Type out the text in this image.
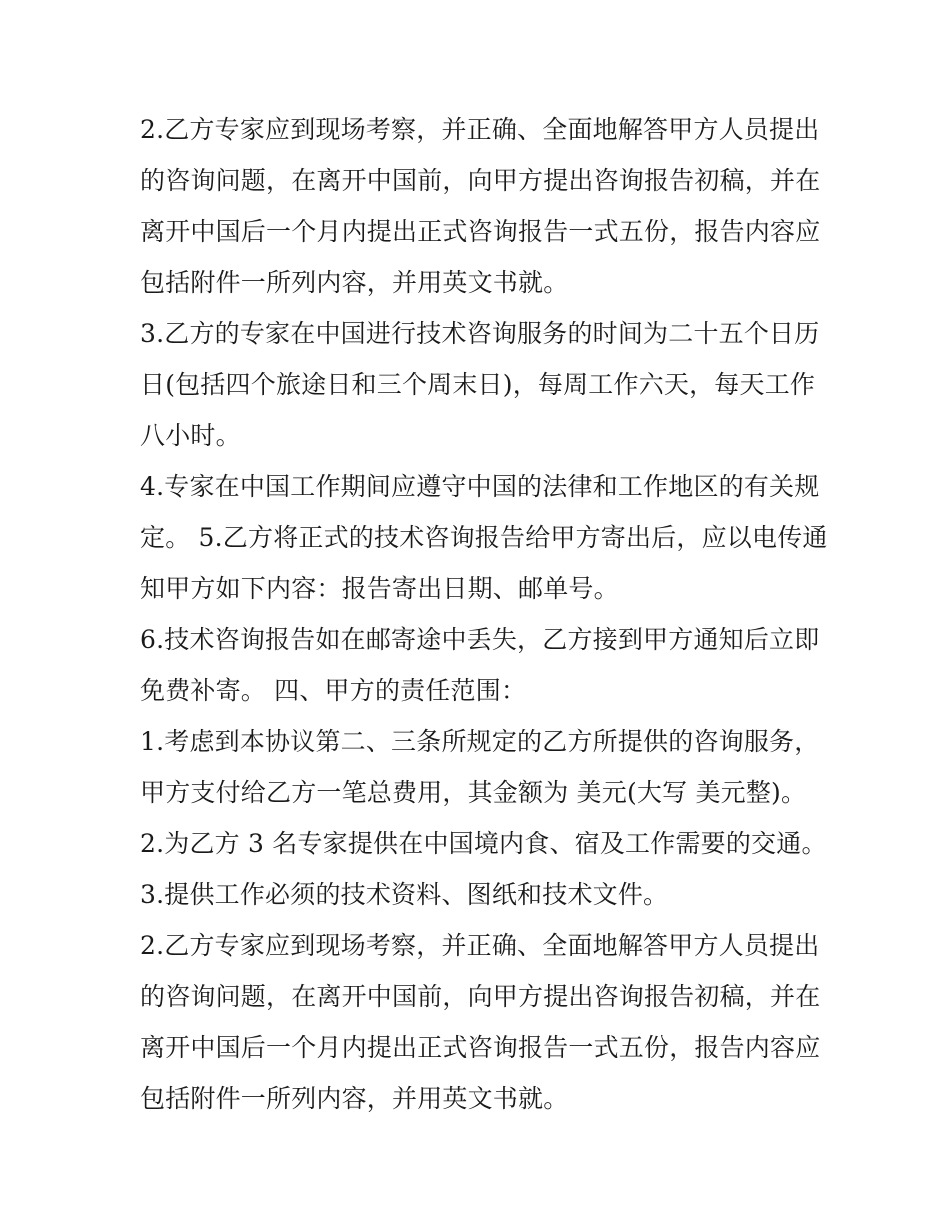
2.乙方专家应到现场考察，并正确、全面地解答甲方人员提出
的咨询问题，在离开中国前，向甲方提出咨询报告初稿，并在
离开中国后一个月内提出正式咨询报告一式五份，报告内容应
包括附件一所列内容，并用英文书就。

3.乙方的专家在中国进行技术咨询服务的时间为二十五个日历
日(包括四个旅途日和三个周末日)，每周工作六天，每天工作
八小时。

4.专家在中国工作期间应遵守中国的法律和工作地区的有关规
定。 5.乙方将正式的技术咨询报告给甲方寄出后，应以电传通
知甲方如下内容：报告寄出日期、邮单号。

6.技术咨询报告如在邮寄途中丢失，乙方接到甲方通知后立即
免费补寄。 四、甲方的责任范围：

1.考虑到本协议第二、三条所规定的乙方所提供的咨询服务，
甲方支付给乙方一笔总费用，其金额为 美元(大写 美元整)。

2.为乙方 3 名专家提供在中国境内食、宿及工作需要的交通。

3.提供工作必须的技术资料、图纸和技术文件。

2.乙方专家应到现场考察，并正确、全面地解答甲方人员提出
的咨询问题，在离开中国前，向甲方提出咨询报告初稿，并在
离开中国后一个月内提出正式咨询报告一式五份，报告内容应
包括附件一所列内容，并用英文书就。
